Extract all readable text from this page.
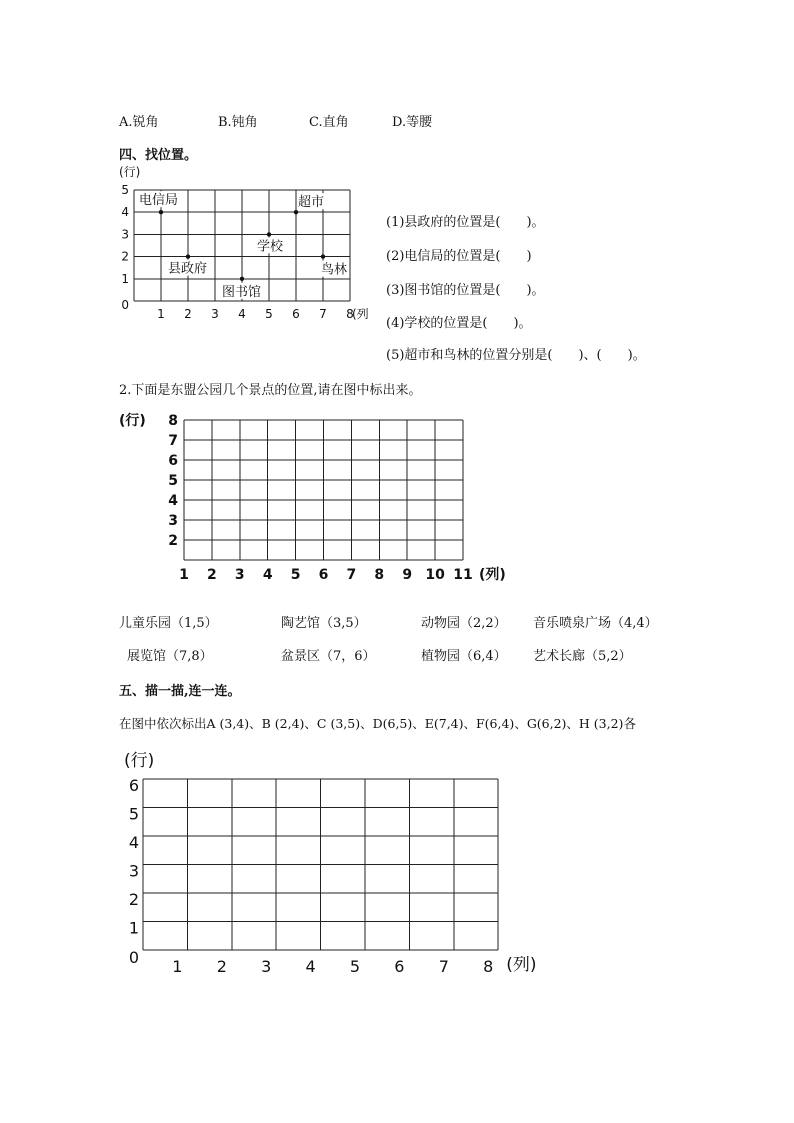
A.锐角	B.钝角	C.直角	D.等腰
四、找位置。
1 2 3 4 5 6 7 8
1
2
3
4
5
0
(行)
(列
电信局	超市
学校
县政府	鸟林
图书馆
(1)县政府的位置是(　　)。
(2)电信局的位置是(　　)
(3)图书馆的位置是(　　)。
(4)学校的位置是(　　)。
(5)超市和鸟林的位置分别是(　　)、(　　)。
2.下面是东盟公园几个景点的位置,请在图中标出来。
1 2 3 4 5 6 7 8 9 10 11
2
3
4
5
6
7
8
(行)
(列)
儿童乐园（1,5）	陶艺馆（3,5）	动物园（2,2） 音乐喷泉广场（4,4）
展览馆（7,8）	盆景区（7，6）	植物园（6,4） 艺术长廊（5,2）
五、描一描,连一连。
在图中依次标出A (3,4)、B (2,4)、C (3,5)、D(6,5)、E(7,4)、F(6,4)、G(6,2)、H (3,2)各
1 2 3 4 5 6 7 8
1
2
3
4
5
6
0
(行)
(列)
